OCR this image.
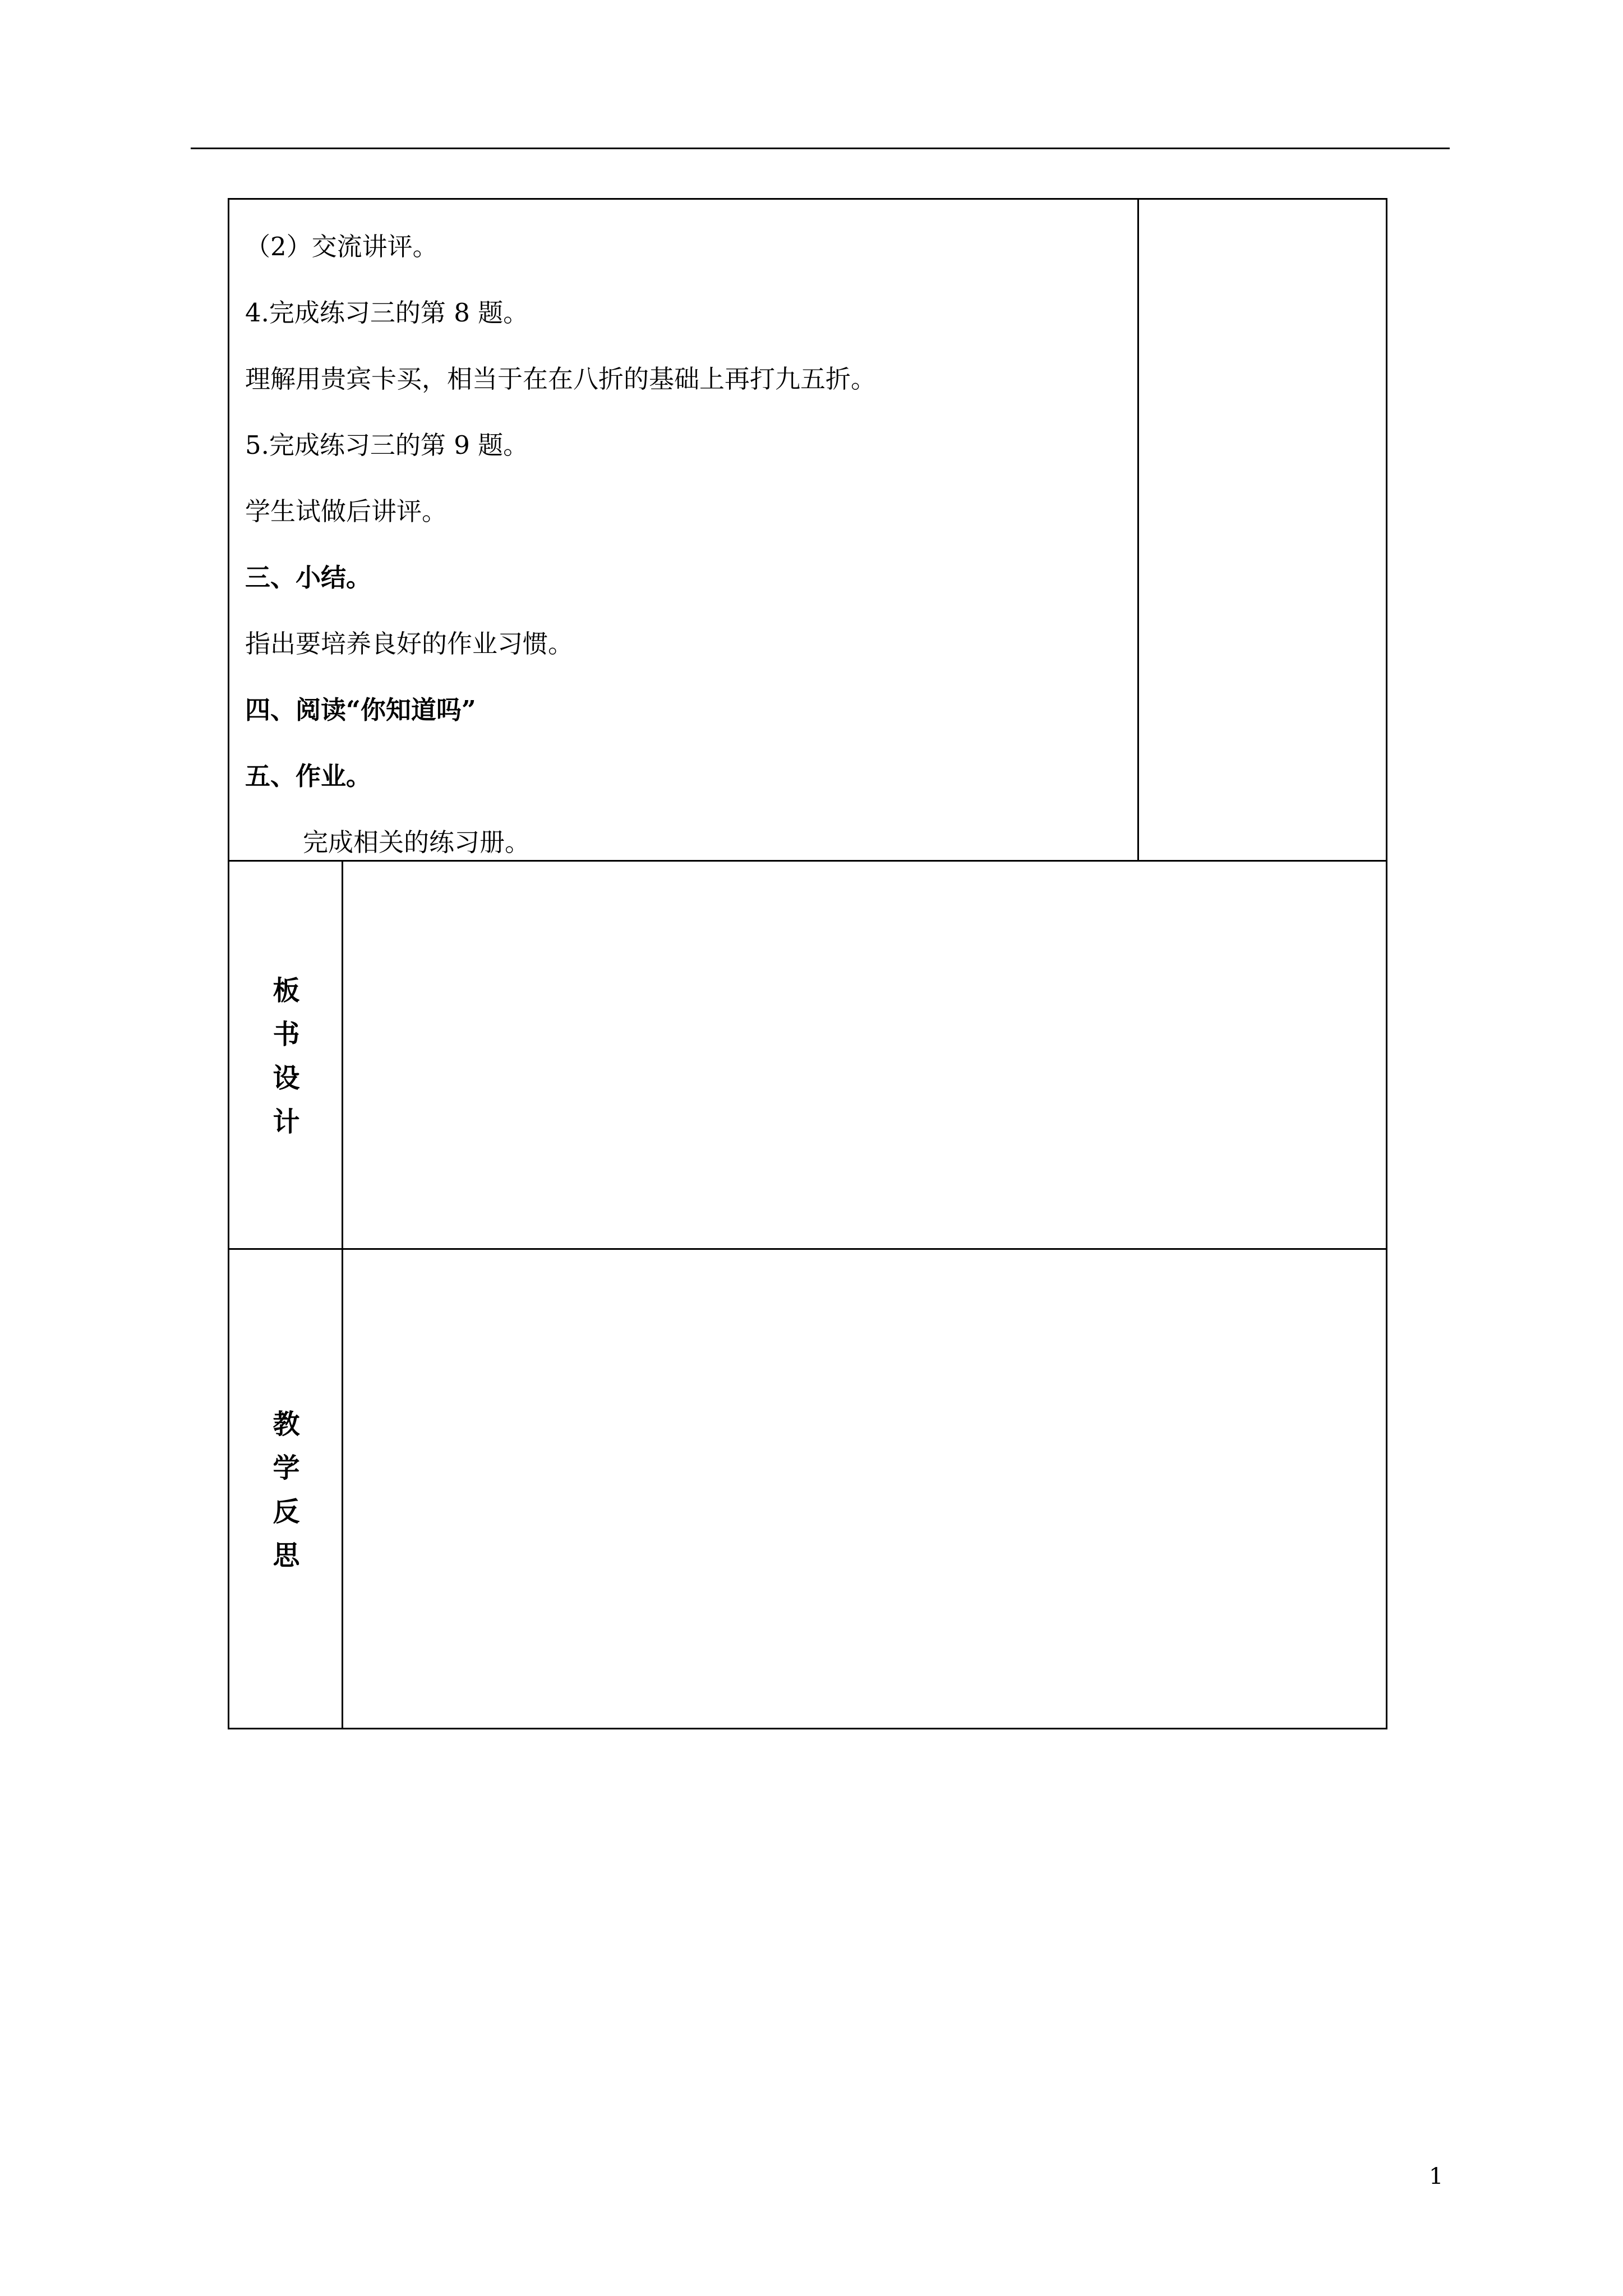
（2）交流讲评。
4.完成练习三的第 8 题。
理解用贵宾卡买，相当于在在八折的基础上再打九五折。
5.完成练习三的第 9 题。
学生试做后讲评。
三、小结。
指出要培养良好的作业习惯。
四、阅读“你知道吗”
五、作业。
完成相关的练习册。
板
书
设
计
教
学
反
思
1
